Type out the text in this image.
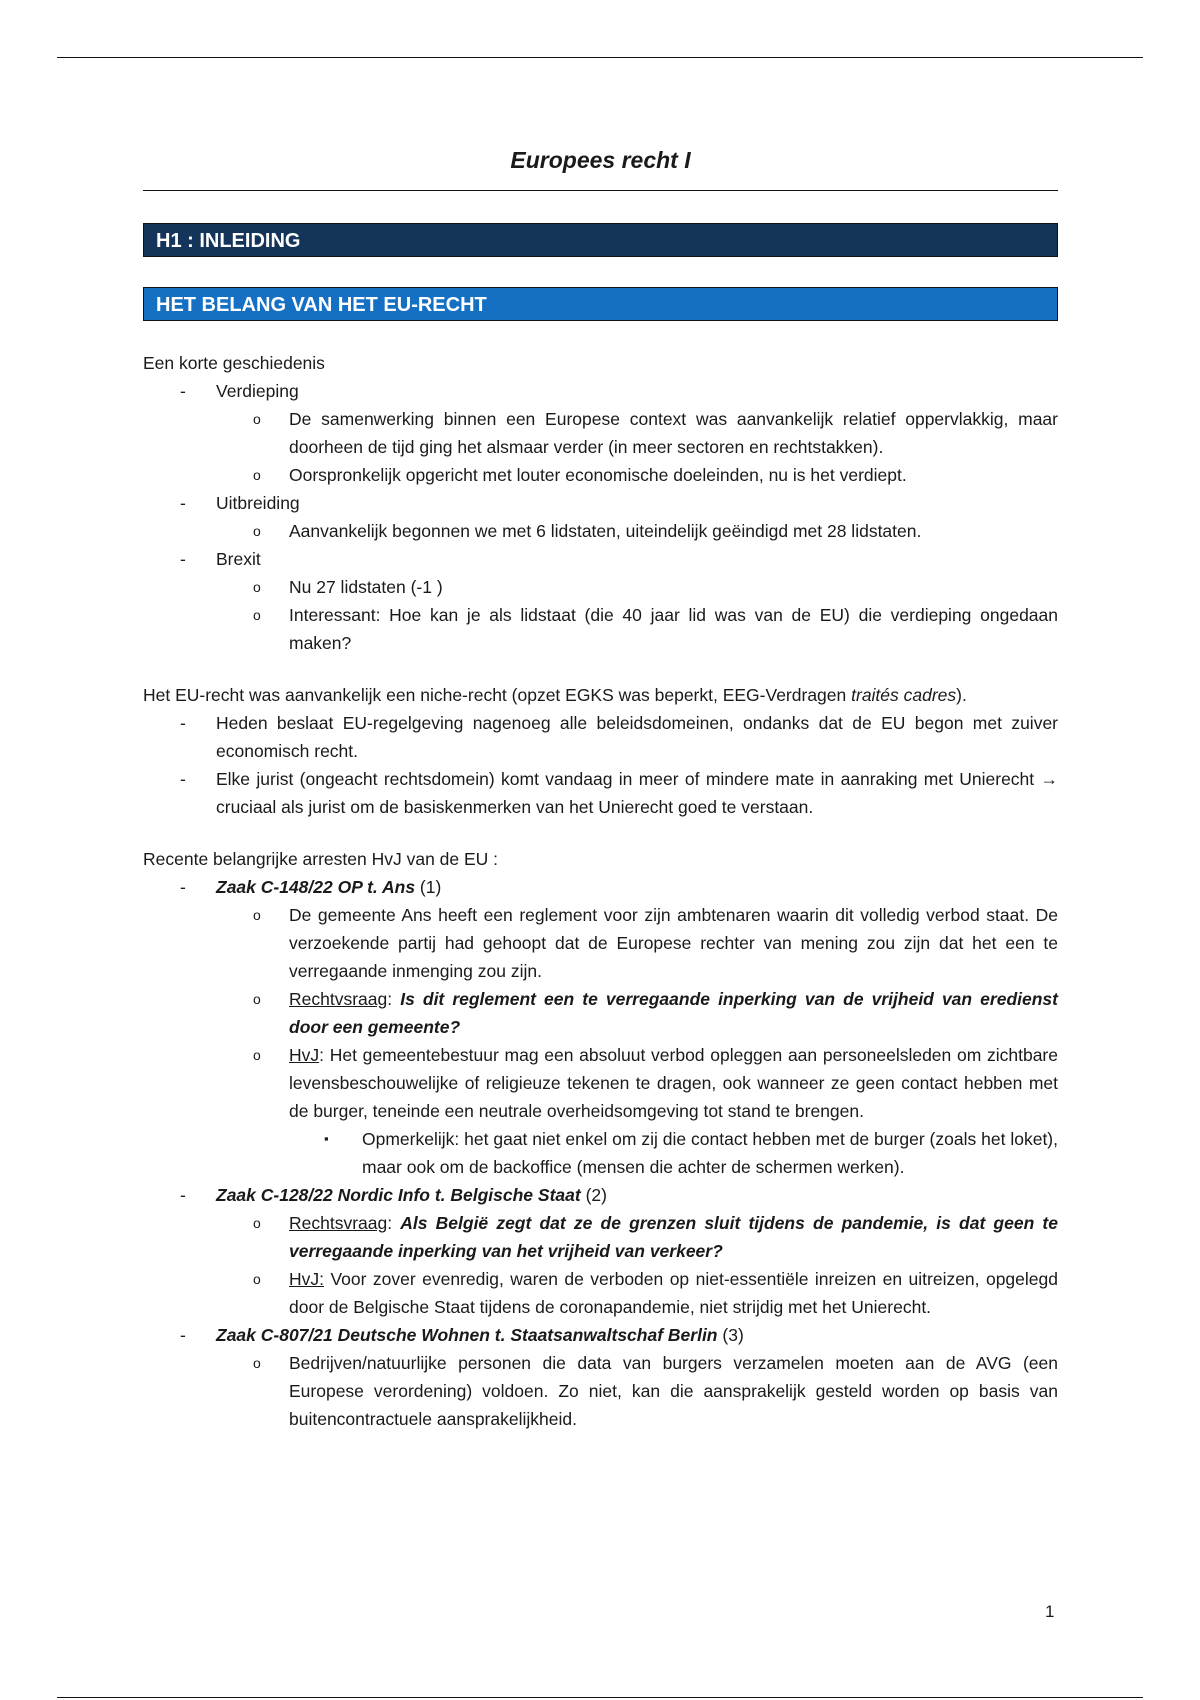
Europees recht I
H1 : INLEIDING
HET BELANG VAN HET EU-RECHT

Een korte geschiedenis

- Verdieping
o De samenwerking binnen een Europese context was aanvankelijk relatief oppervlakkig, maar doorheen de tijd ging het alsmaar verder (in meer sectoren en rechtstakken).
o Oorspronkelijk opgericht met louter economische doeleinden, nu is het verdiept.
- Uitbreiding
o Aanvankelijk begonnen we met 6 lidstaten, uiteindelijk geëindigd met 28 lidstaten.
- Brexit
o Nu 27 lidstaten (-1 )
o Interessant: Hoe kan je als lidstaat (die 40 jaar lid was van de EU) die verdieping ongedaan maken?

Het EU-recht was aanvankelijk een niche-recht (opzet EGKS was beperkt, EEG-Verdragen traités cadres).

- Heden beslaat EU-regelgeving nagenoeg alle beleidsdomeinen, ondanks dat de EU begon met zuiver economisch recht.
- Elke jurist (ongeacht rechtsdomein) komt vandaag in meer of mindere mate in aanraking met Unierecht → cruciaal als jurist om de basiskenmerken van het Unierecht goed te verstaan.

Recente belangrijke arresten HvJ van de EU :

- Zaak C-148/22 OP t. Ans (1)
o De gemeente Ans heeft een reglement voor zijn ambtenaren waarin dit volledig verbod staat. De verzoekende partij had gehoopt dat de Europese rechter van mening zou zijn dat het een te verregaande inmenging zou zijn.
o Rechtvsraag: Is dit reglement een te verregaande inperking van de vrijheid van eredienst door een gemeente?
o HvJ: Het gemeentebestuur mag een absoluut verbod opleggen aan personeelsleden om zichtbare levensbeschouwelijke of religieuze tekenen te dragen, ook wanneer ze geen contact hebben met de burger, teneinde een neutrale overheidsomgeving tot stand te brengen.
▪ Opmerkelijk: het gaat niet enkel om zij die contact hebben met de burger (zoals het loket), maar ook om de backoffice (mensen die achter de schermen werken).
- Zaak C-128/22 Nordic Info t. Belgische Staat (2)
o Rechtsvraag: Als België zegt dat ze de grenzen sluit tijdens de pandemie, is dat geen te verregaande inperking van het vrijheid van verkeer?
o HvJ: Voor zover evenredig, waren de verboden op niet-essentiële inreizen en uitreizen, opgelegd door de Belgische Staat tijdens de coronapandemie, niet strijdig met het Unierecht.
- Zaak C-807/21 Deutsche Wohnen t. Staatsanwaltschaf Berlin (3)
o Bedrijven/natuurlijke personen die data van burgers verzamelen moeten aan de AVG (een Europese verordening) voldoen. Zo niet, kan die aansprakelijk gesteld worden op basis van buitencontractuele aansprakelijkheid.
1
